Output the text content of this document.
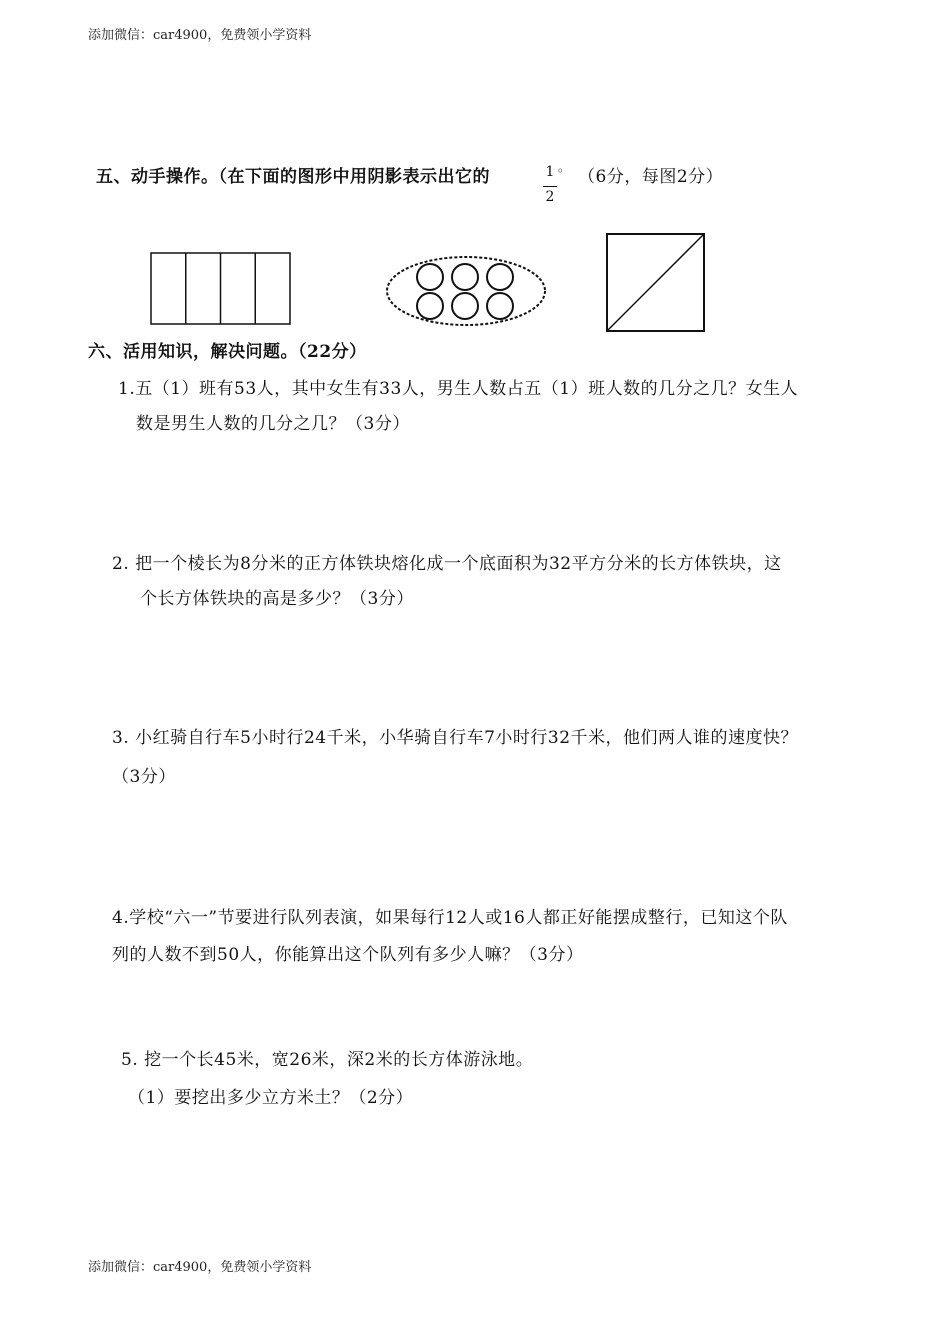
添加微信：car4900，免费领小学资料
五、动手操作。（在下面的图形中用阴影表示出它的	1
2
。 （6分，每图2分）
六、活用知识，解决问题。（22分）
1.五（1）班有53人，其中女生有33人，男生人数占五（1）班人数的几分之几？女生人
数是男生人数的几分之几？（3分）
2. 把一个棱长为8分米的正方体铁块熔化成一个底面积为32平方分米的长方体铁块，这
个长方体铁块的高是多少？（3分）
3. 小红骑自行车5小时行24千米，小华骑自行车7小时行32千米，他们两人谁的速度快？
（3分）
4.学校“六一”节要进行队列表演，如果每行12人或16人都正好能摆成整行，已知这个队
列的人数不到50人，你能算出这个队列有多少人嘛？（3分）
5. 挖一个长45米，宽26米，深2米的长方体游泳地。
（1）要挖出多少立方米土？（2分）
添加微信：car4900，免费领小学资料
